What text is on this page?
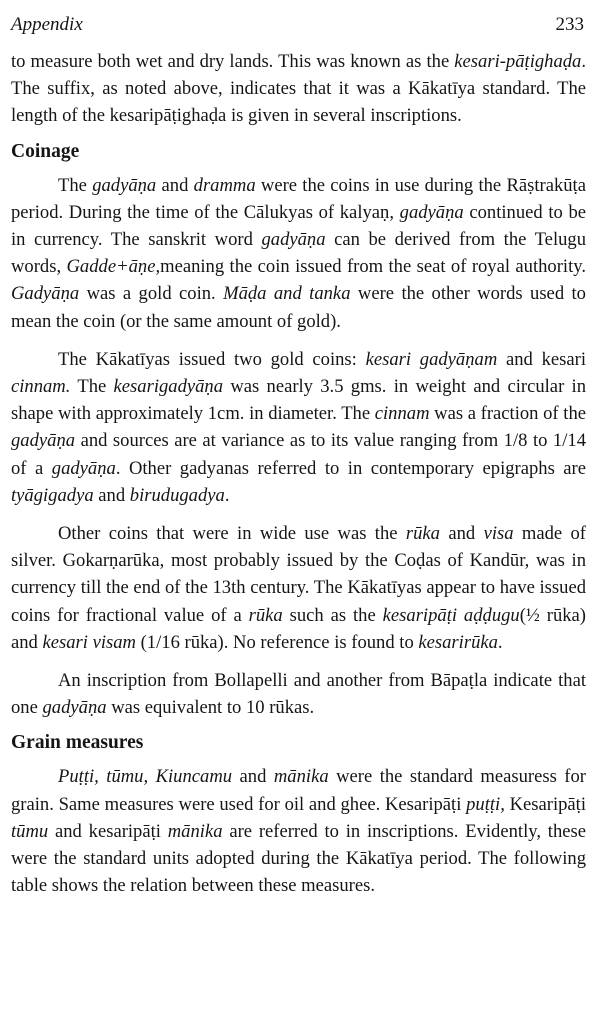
Appendix	233

to measure both wet and dry lands. This was known as the kesari-pāṭighaḍa. The suffix, as noted above, indicates that it was a Kākatīya standard. The length of the kesaripāṭighaḍa is given in several inscriptions.

Coinage

The gadyāṇa and dramma were the coins in use during the Rāṣtrakūṭa period. During the time of the Cālukyas of kalyaṇ, gadyāṇa continued to be in currency. The sanskrit word gadyāṇa can be derived from the Telugu words, Gadde+āṇe,meaning the coin issued from the seat of royal authority. Gadyāṇa was a gold coin. Māḍa and tanka were the other words used to mean the coin (or the same amount of gold).

The Kākatīyas issued two gold coins: kesari gadyāṇam and kesari cinnam. The kesarigadyāṇa was nearly 3.5 gms. in weight and circular in shape with approximately 1cm. in diameter. The cinnam was a fraction of the gadyāṇa and sources are at variance as to its value ranging from 1/8 to 1/14 of a gadyāṇa. Other gadyanas referred to in contemporary epigraphs are tyāgigadya and birudugadya.

Other coins that were in wide use was the rūka and visa made of silver. Gokarṇarūka, most probably issued by the Coḍas of Kandūr, was in currency till the end of the 13th century. The Kākatīyas appear to have issued coins for fractional value of a rūka such as the kesaripāṭi aḍḍugu(½ rūka) and kesari visam (1/16 rūka). No reference is found to kesarirūka.

An inscription from Bollapelli and another from Bāpaṭla indicate that one gadyāṇa was equivalent to 10 rūkas.

Grain measures

Puṭṭi, tūmu, Kiuncamu and mānika were the standard measuress for grain. Same measures were used for oil and ghee. Kesaripāṭi puṭṭi, Kesaripāṭi tūmu and kesaripāṭi mānika are referred to in inscriptions. Evidently, these were the standard units adopted during the Kākatīya period. The following table shows the relation between these measures.
